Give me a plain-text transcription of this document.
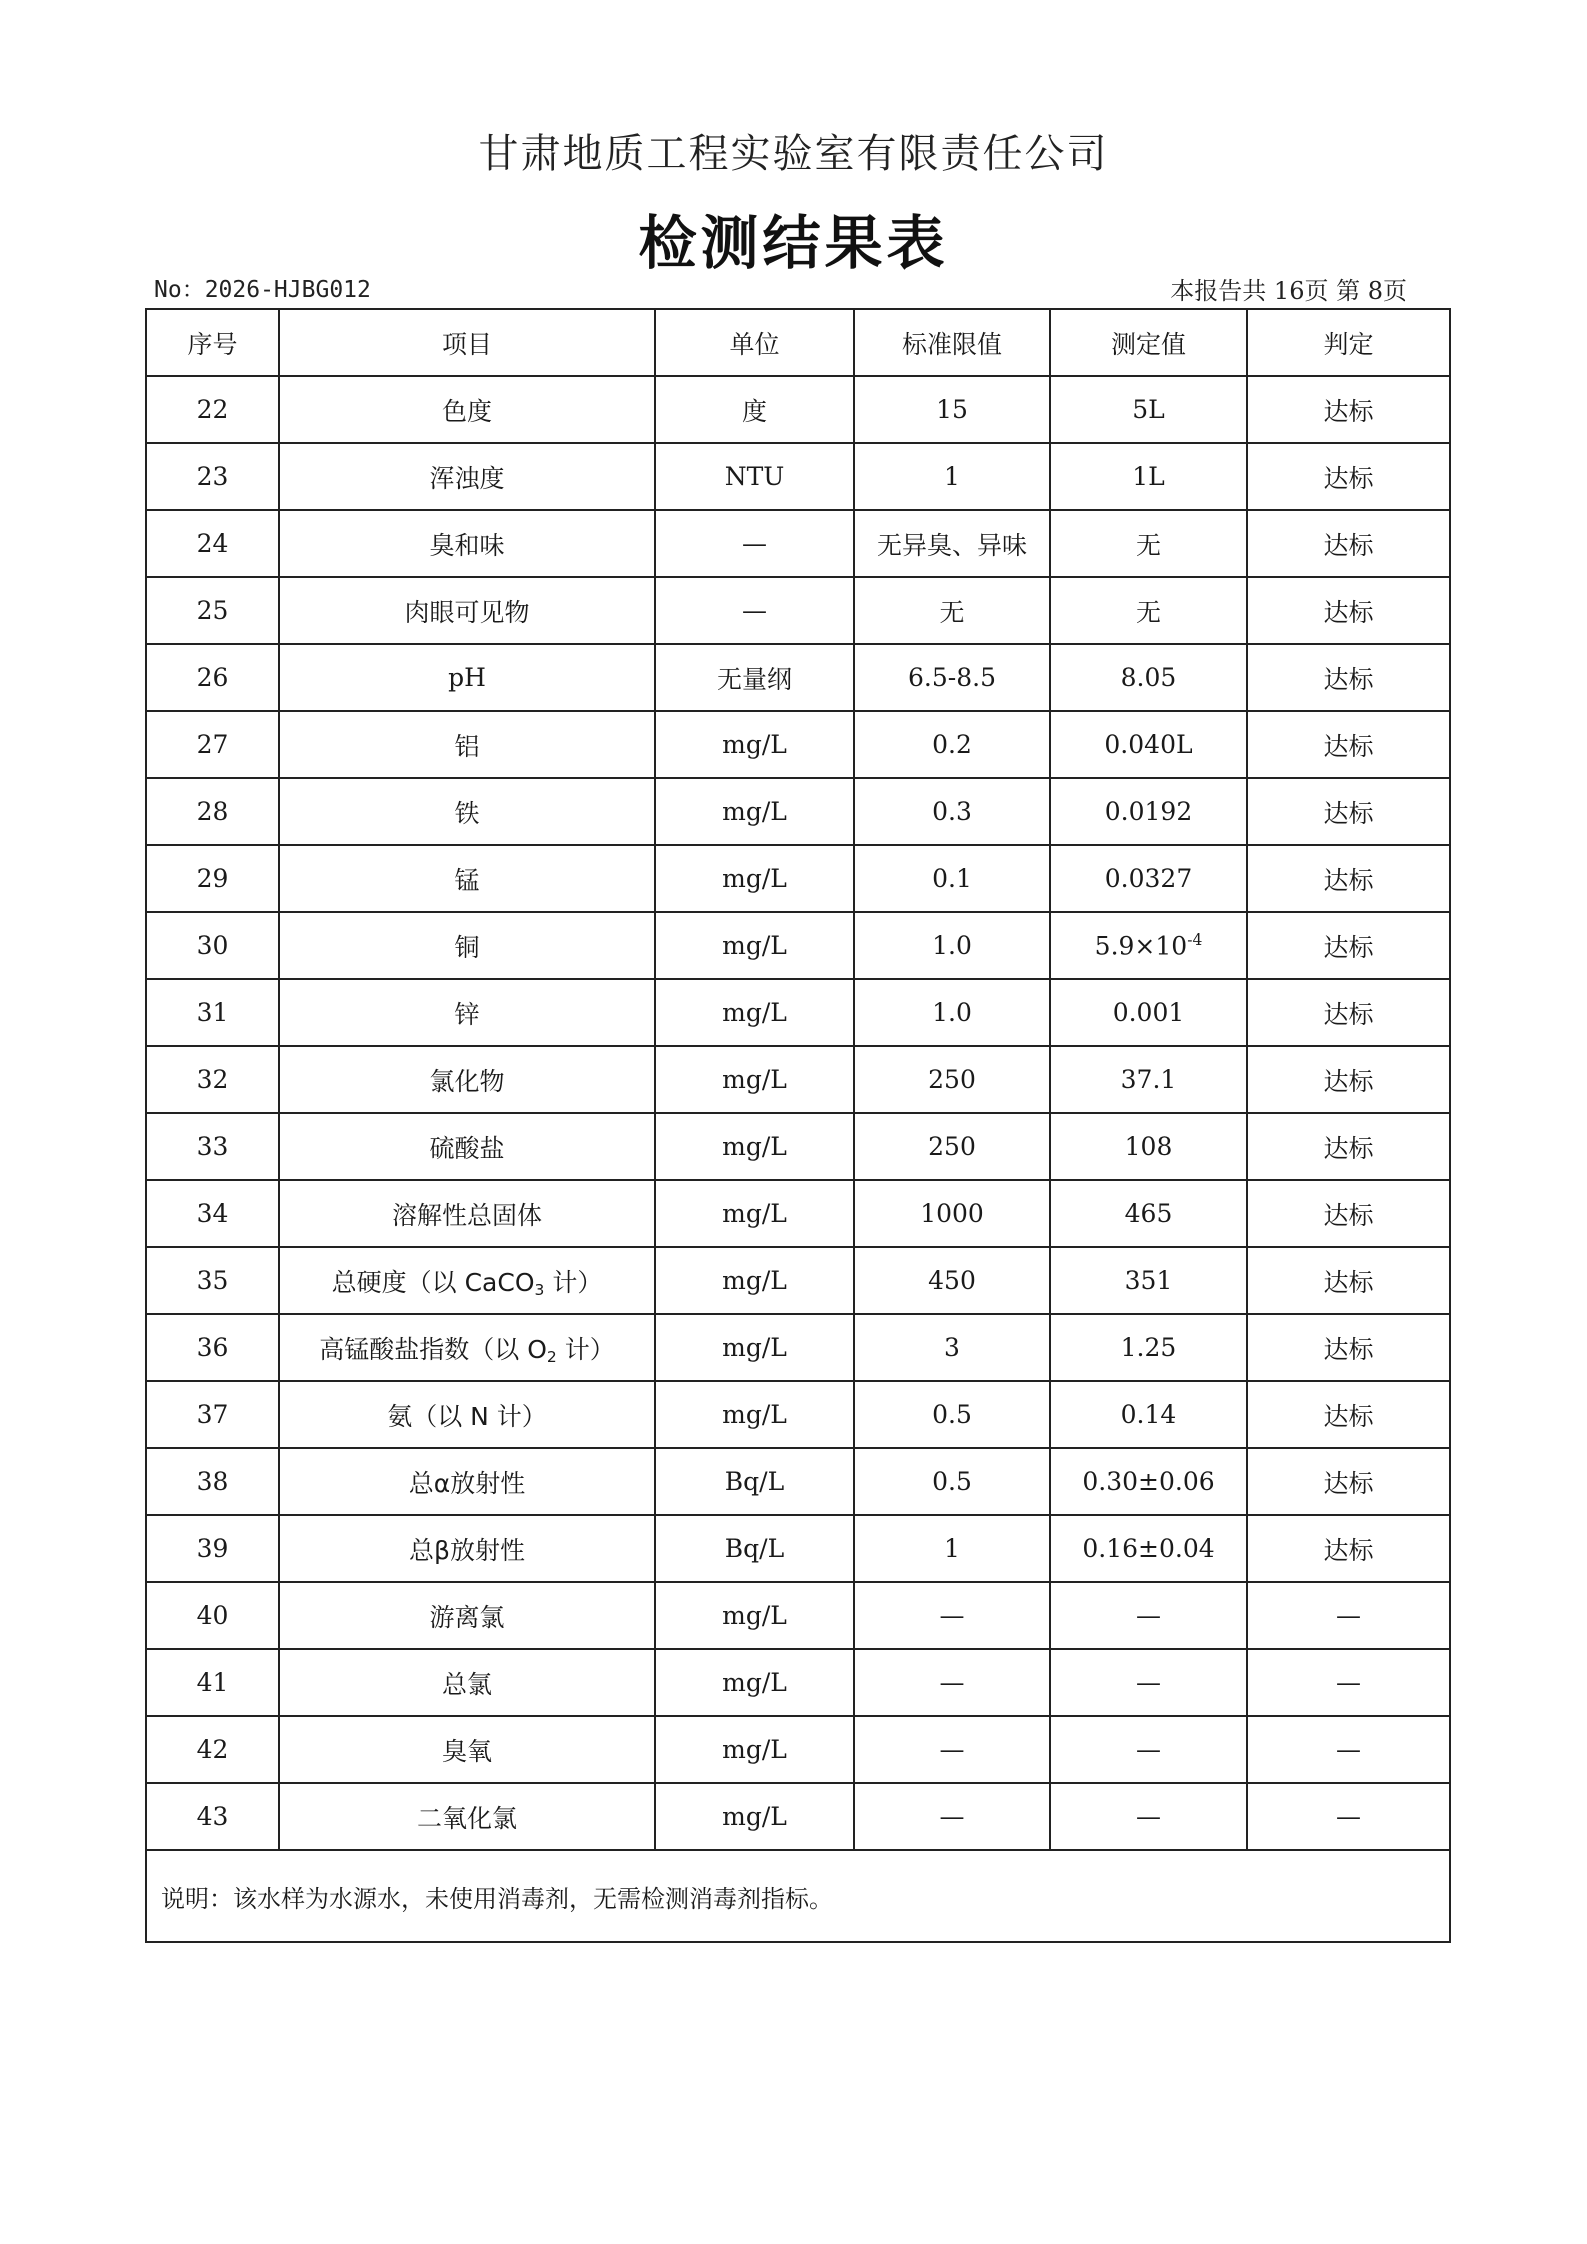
甘肃地质工程实验室有限责任公司
检测结果表
No：2026-HJBG012	本报告共 16页 第 8页
序号	项目	单位	标准限值	测定值	判定
22	色度	度	15	5L	达标
23	浑浊度	NTU	1	1L	达标
24	臭和味	—	无异臭、异味	无	达标
25	肉眼可见物	—	无	无	达标
26	pH	无量纲	6.5-8.5	8.05	达标
27	铝	mg/L	0.2	0.040L	达标
28	铁	mg/L	0.3	0.0192	达标
29	锰	mg/L	0.1	0.0327	达标
30	铜	mg/L	1.0	$5.9\times 10^{-4}$	达标
31	锌	mg/L	1.0	0.001	达标
32	氯化物	mg/L	250	37.1	达标
33	硫酸盐	mg/L	250	108	达标
34	溶解性总固体	mg/L	1000	465	达标
35	总硬度（以 CaCO$_3$ 计）	mg/L	450	351	达标
36	高锰酸盐指数（以 $O_2$ 计）	mg/L	3	1.25	达标
37	氨（以 N 计）	mg/L	0.5	0.14	达标
38	总α放射性	Bq/L	0.5	0.30±0.06	达标
39	总β放射性	Bq/L	1	0.16±0.04	达标
40	游离氯	mg/L	—	—	—
41	总氯	mg/L	—	—	—
42	臭氧	mg/L	—	—	—
43	二氧化氯	mg/L	—	—	—
说明：该水样为水源水，未使用消毒剂，无需检测消毒剂指标。					
